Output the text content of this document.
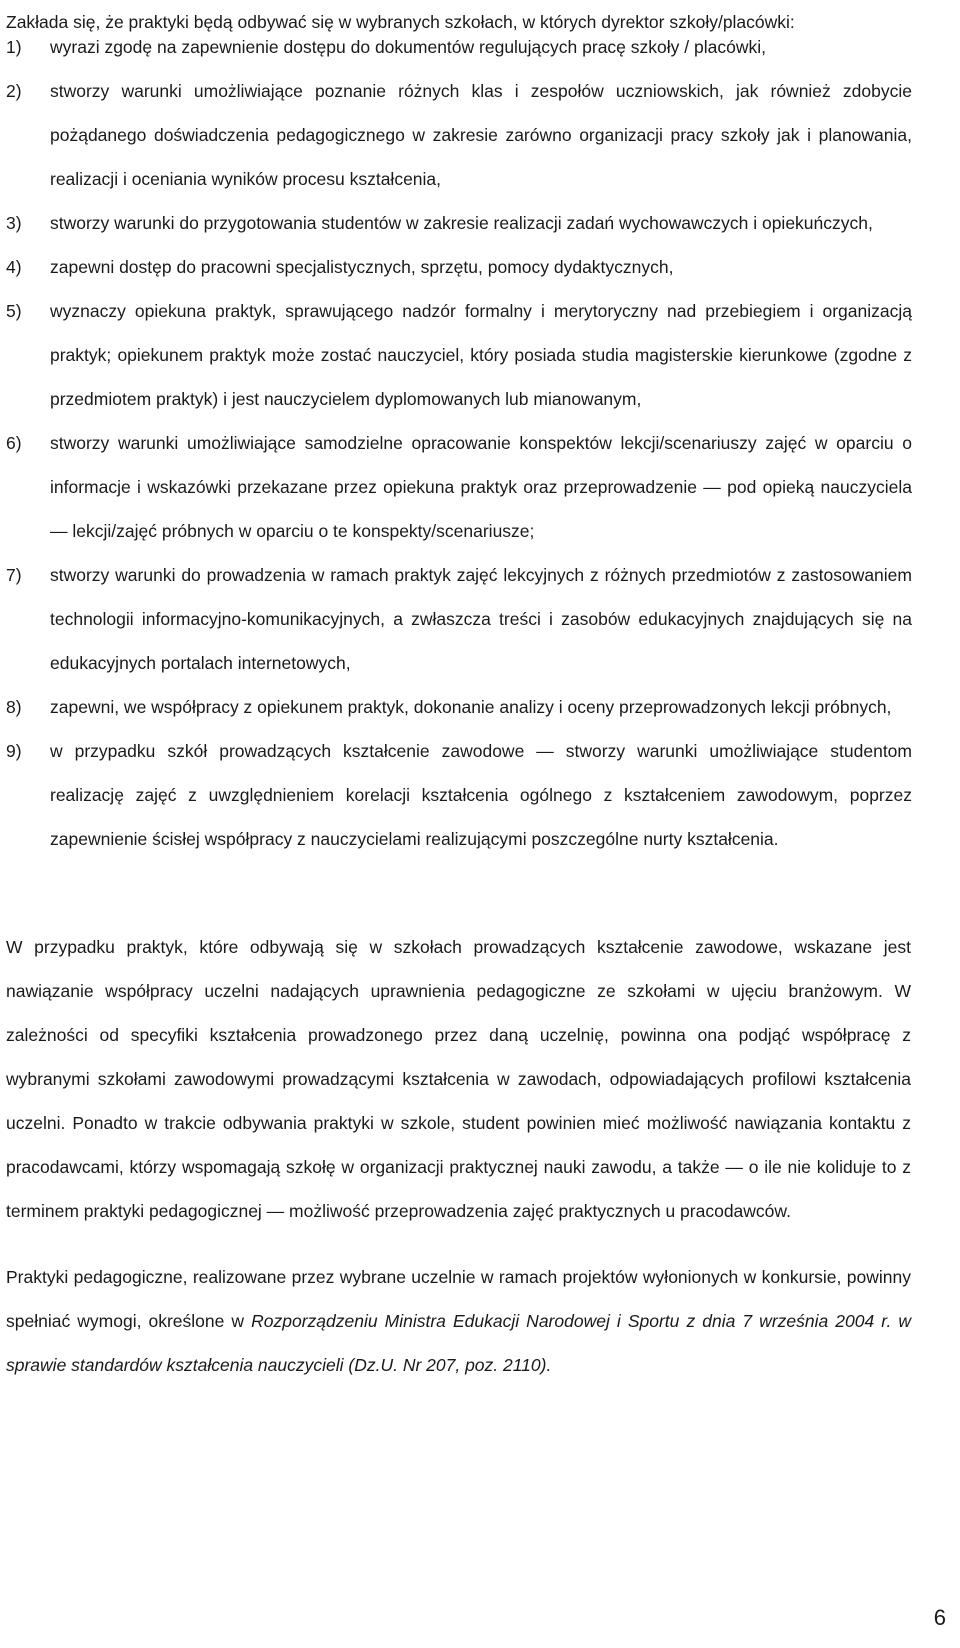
Zakłada się, że praktyki będą odbywać się w wybranych szkołach, w których dyrektor szkoły/placówki:
1) wyrazi zgodę na zapewnienie dostępu do dokumentów regulujących pracę szkoły / placówki,
2) stworzy warunki umożliwiające poznanie różnych klas i zespołów uczniowskich, jak również zdobycie pożądanego doświadczenia pedagogicznego w zakresie zarówno organizacji pracy szkoły jak i planowania, realizacji i oceniania wyników procesu kształcenia,
3) stworzy warunki do przygotowania studentów w zakresie realizacji zadań wychowawczych i opiekuńczych,
4) zapewni dostęp do pracowni specjalistycznych, sprzętu, pomocy dydaktycznych,
5) wyznaczy opiekuna praktyk, sprawującego nadzór formalny i merytoryczny nad przebiegiem i organizacją praktyk; opiekunem praktyk może zostać nauczyciel, który posiada studia magisterskie kierunkowe (zgodne z przedmiotem praktyk) i jest nauczycielem dyplomowanych lub mianowanym,
6) stworzy warunki umożliwiające samodzielne opracowanie konspektów lekcji/scenariuszy zajęć w oparciu o informacje i wskazówki przekazane przez opiekuna praktyk oraz przeprowadzenie — pod opieką nauczyciela — lekcji/zajęć próbnych w oparciu o te konspekty/scenariusze;
7) stworzy warunki do prowadzenia w ramach praktyk zajęć lekcyjnych z różnych przedmiotów z zastosowaniem technologii informacyjno-komunikacyjnych, a zwłaszcza treści i zasobów edukacyjnych znajdujących się na edukacyjnych portalach internetowych,
8) zapewni, we współpracy z opiekunem praktyk, dokonanie analizy i oceny przeprowadzonych lekcji próbnych,
9) w przypadku szkół prowadzących kształcenie zawodowe — stworzy warunki umożliwiające studentom realizację zajęć z uwzględnieniem korelacji kształcenia ogólnego z kształceniem zawodowym, poprzez zapewnienie ścisłej współpracy z nauczycielami realizującymi poszczególne nurty kształcenia.

W przypadku praktyk, które odbywają się w szkołach prowadzących kształcenie zawodowe, wskazane jest nawiązanie współpracy uczelni nadających uprawnienia pedagogiczne ze szkołami w ujęciu branżowym. W zależności od specyfiki kształcenia prowadzonego przez daną uczelnię, powinna ona podjąć współpracę z wybranymi szkołami zawodowymi prowadzącymi kształcenia w zawodach, odpowiadających profilowi kształcenia uczelni. Ponadto w trakcie odbywania praktyki w szkole, student powinien mieć możliwość nawiązania kontaktu z pracodawcami, którzy wspomagają szkołę w organizacji praktycznej nauki zawodu, a także — o ile nie koliduje to z terminem praktyki pedagogicznej — możliwość przeprowadzenia zajęć praktycznych u pracodawców.

Praktyki pedagogiczne, realizowane przez wybrane uczelnie w ramach projektów wyłonionych w konkursie, powinny spełniać wymogi, określone w Rozporządzeniu Ministra Edukacji Narodowej i Sportu z dnia 7 września 2004 r. w sprawie standardów kształcenia nauczycieli (Dz.U. Nr 207, poz. 2110).

6
